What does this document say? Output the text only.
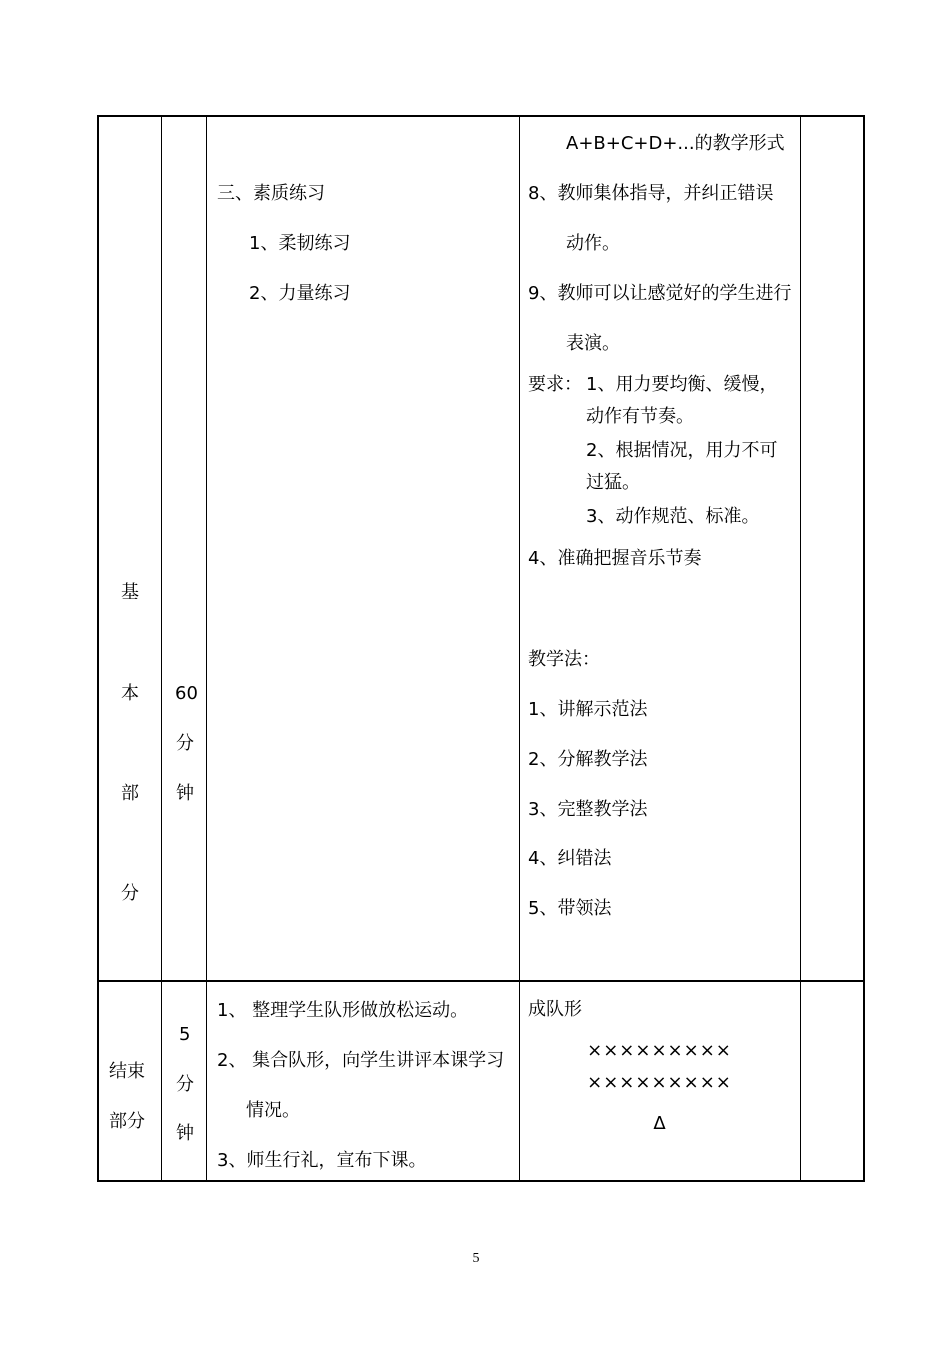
基
本
部
分
60
分
钟
三、素质练习
1、柔韧练习
2、力量练习
A+B+C+D+...的教学形式
8、教师集体指导，并纠正错误
动作。
9、教师可以让感觉好的学生进行
表演。
要求： 1、用力要均衡、缓慢，
动作有节奏。
2、根据情况，用力不可
过猛。
3、动作规范、标准。
4、准确把握音乐节奏
教学法：
1、讲解示范法
2、分解教学法
3、完整教学法
4、纠错法
5、带领法
结束
部分
5
分
钟
1、 整理学生队形做放松运动。
2、 集合队形，向学生讲评本课学习
情况。
3、师生行礼，宣布下课。
成队形
×××××××××
×××××××××
Δ
5
